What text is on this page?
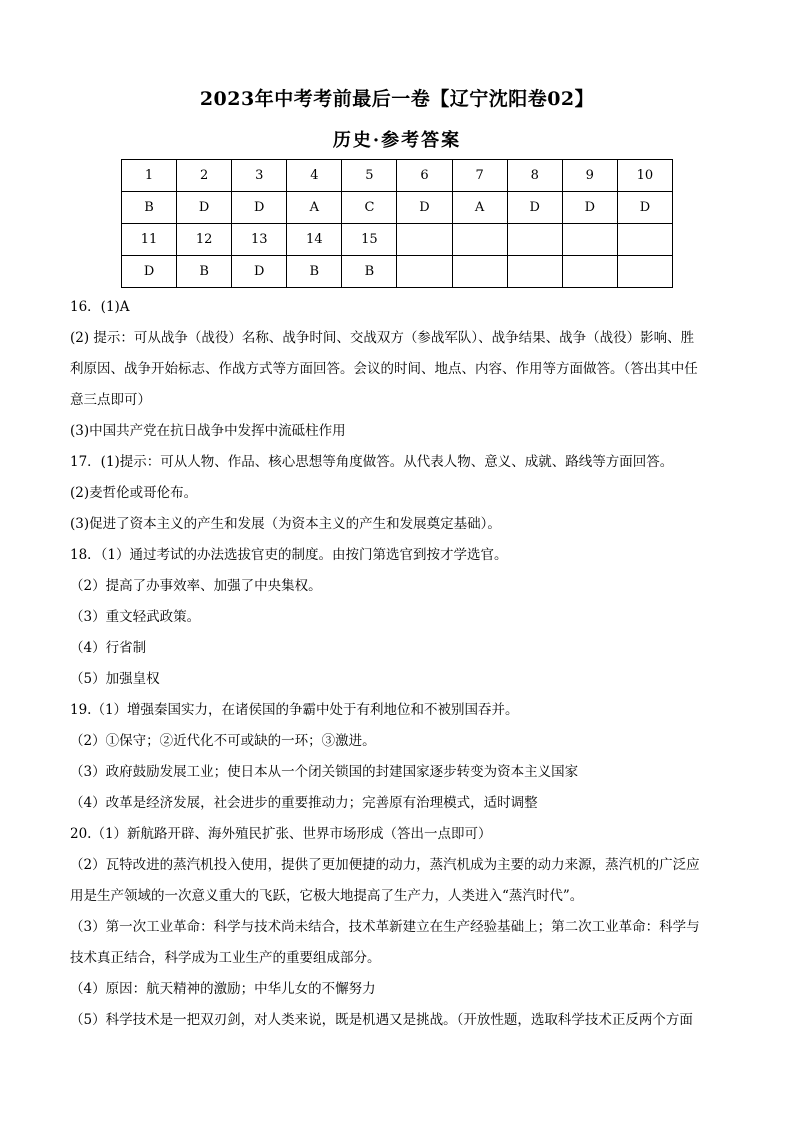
2023年中考考前最后一卷【辽宁沈阳卷02】
历史·参考答案
1	2	3	4	5	6	7	8	9	10
B	D	D	A	C	D	A	D	D	D
11	12	13	14	15					
D	B	D	B	B					

16．(1)A

(2) 提示：可从战争（战役）名称、战争时间、交战双方（参战军队）、战争结果、战争（战役）影响、胜

利原因、战争开始标志、作战方式等方面回答。会议的时间、地点、内容、作用等方面做答。（答出其中任

意三点即可）

(3)中国共产党在抗日战争中发挥中流砥柱作用

17．(1)提示：可从人物、作品、核心思想等角度做答。从代表人物、意义、成就、路线等方面回答。

(2)麦哲伦或哥伦布。

(3)促进了资本主义的产生和发展（为资本主义的产生和发展奠定基础）。

18．（1）通过考试的办法选拔官吏的制度。由按门第选官到按才学选官。

（2）提高了办事效率、加强了中央集权。

（3）重文轻武政策。

（4）行省制

（5）加强皇权

19.（1）增强秦国实力，在诸侯国的争霸中处于有利地位和不被别国吞并。

（2）①保守；②近代化不可或缺的一环；③激进。

（3）政府鼓励发展工业；使日本从一个闭关锁国的封建国家逐步转变为资本主义国家

（4）改革是经济发展，社会进步的重要推动力；完善原有治理模式，适时调整

20.（1）新航路开辟、海外殖民扩张、世界市场形成（答出一点即可）

（2）瓦特改进的蒸汽机投入使用，提供了更加便捷的动力，蒸汽机成为主要的动力来源，蒸汽机的广泛应

用是生产领域的一次意义重大的飞跃，它极大地提高了生产力，人类进入“蒸汽时代”。

（3）第一次工业革命：科学与技术尚未结合，技术革新建立在生产经验基础上；第二次工业革命：科学与

技术真正结合，科学成为工业生产的重要组成部分。

（4）原因：航天精神的激励；中华儿女的不懈努力

（5）科学技术是一把双刃剑，对人类来说，既是机遇又是挑战。（开放性题，选取科学技术正反两个方面
